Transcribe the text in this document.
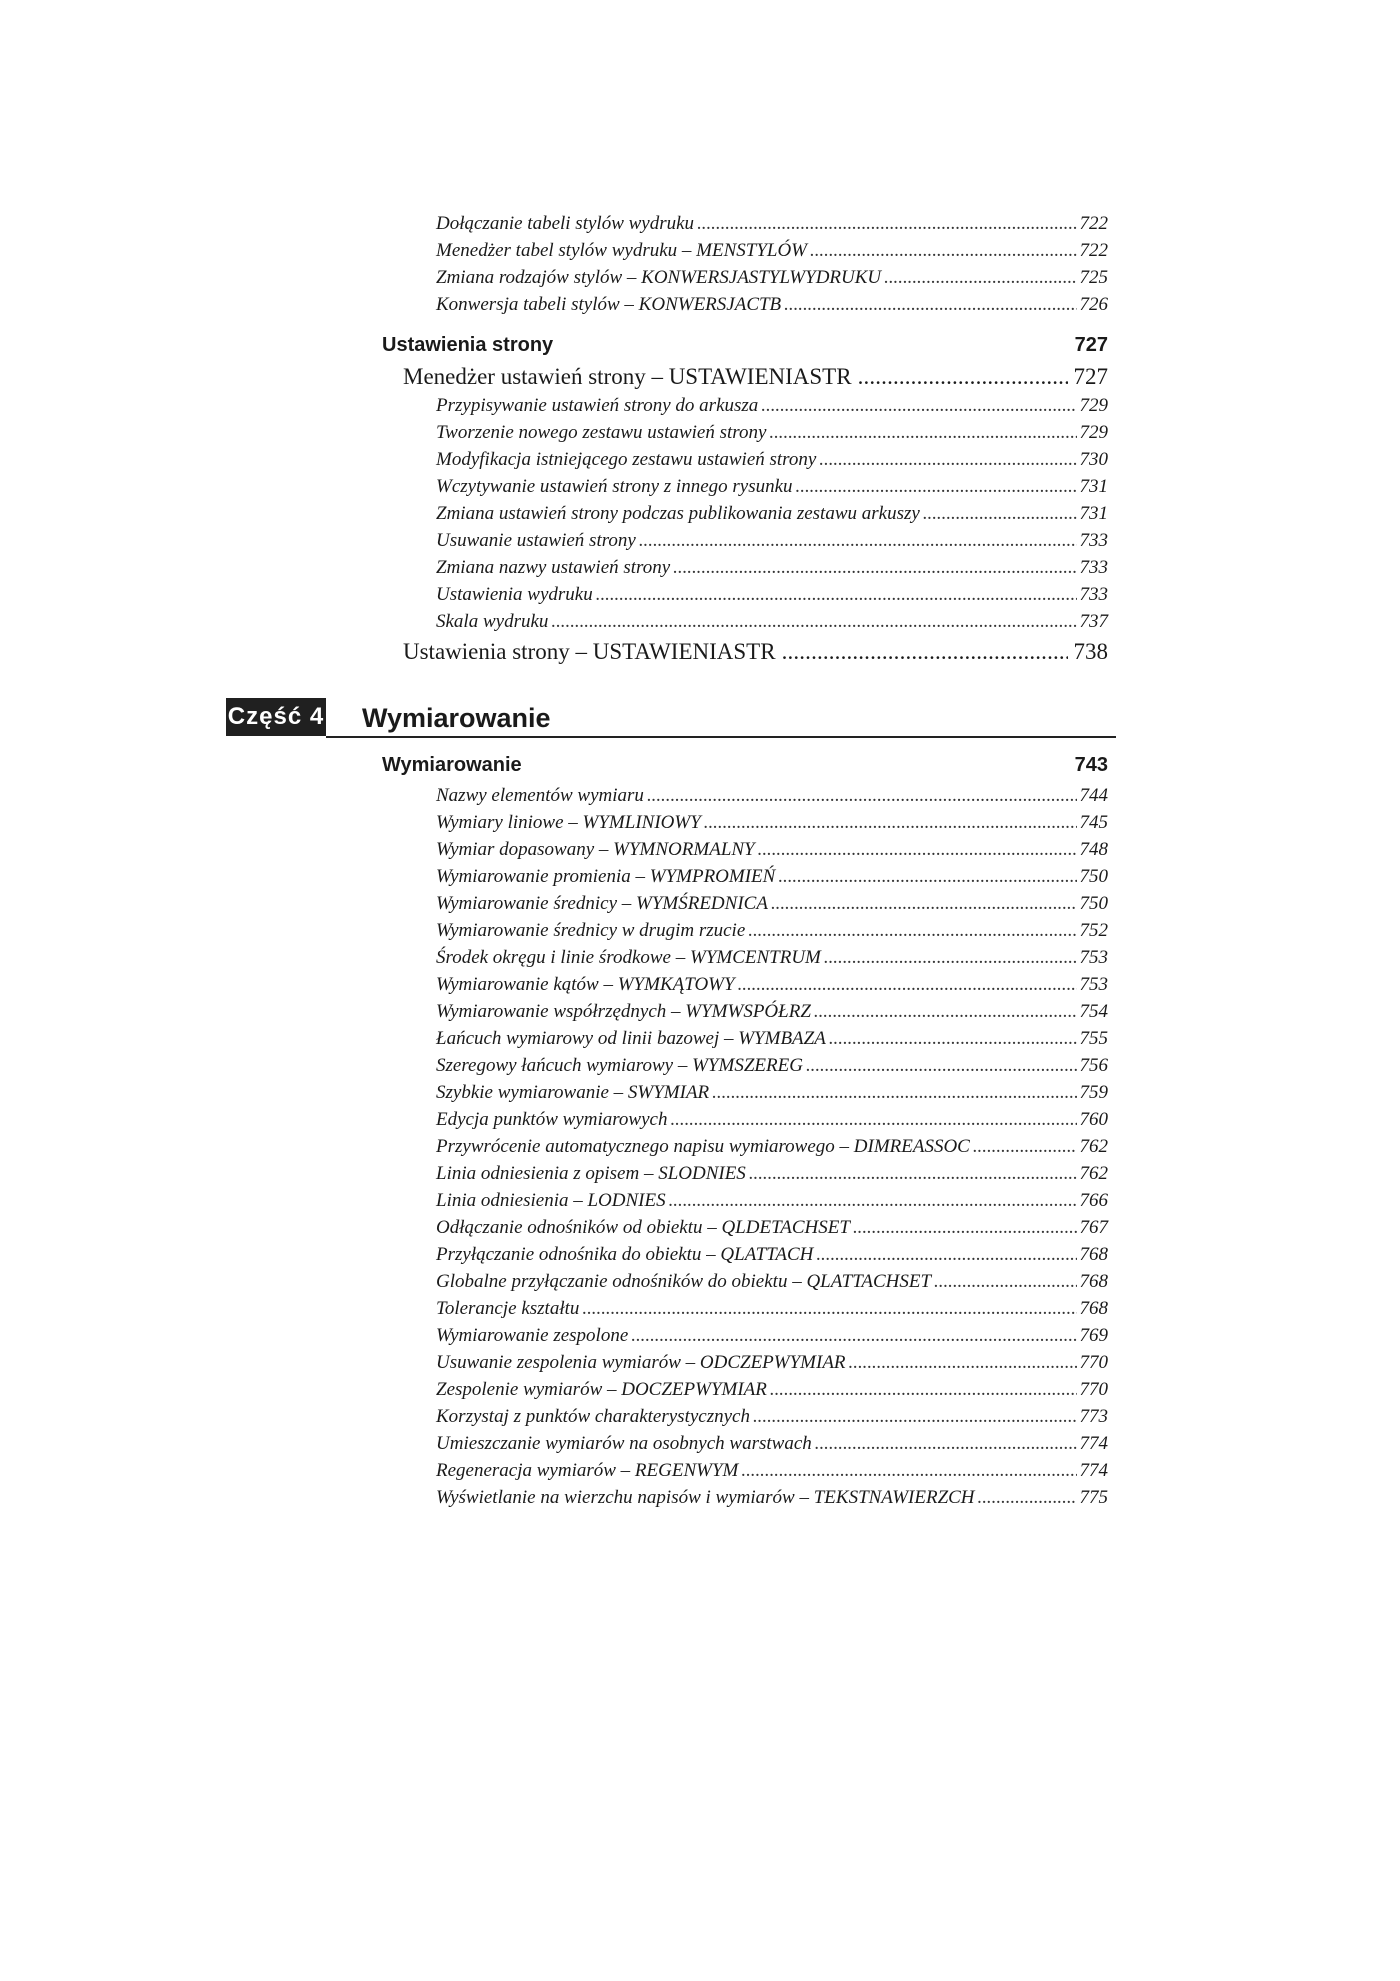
Dołączanie tabeli stylów wydruku . . .	722
Menedżer tabel stylów wydruku – MENSTYLÓW . . .	722
Zmiana rodzajów stylów – KONWERSJASTYLWYDRUKU . . .	725
Konwersja tabeli stylów – KONWERSJACTB . . .	726
Ustawienia strony	727
Menedżer ustawień strony – USTAWIENIASTR . . .	727
Przypisywanie ustawień strony do arkusza . . .	729
Tworzenie nowego zestawu ustawień strony . . .	729
Modyfikacja istniejącego zestawu ustawień strony . . .	730
Wczytywanie ustawień strony z innego rysunku . . .	731
Zmiana ustawień strony podczas publikowania zestawu arkuszy . . .	731
Usuwanie ustawień strony . . .	733
Zmiana nazwy ustawień strony . . .	733
Ustawienia wydruku . . .	733
Skala wydruku . . .	737
Ustawienia strony – USTAWIENIASTR . . .	738
Część 4 Wymiarowanie
Wymiarowanie	743
Nazwy elementów wymiaru . . .	744
Wymiary liniowe – WYMLINIOWY . . .	745
Wymiar dopasowany – WYMNORMALNY . . .	748
Wymiarowanie promienia – WYMPROMIEŃ . . .	750
Wymiarowanie średnicy – WYMŚREDNICA . . .	750
Wymiarowanie średnicy w drugim rzucie . . .	752
Środek okręgu i linie środkowe – WYMCENTRUM . . .	753
Wymiarowanie kątów – WYMKĄTOWY . . .	753
Wymiarowanie współrzędnych – WYMWSPÓŁRZ . . .	754
Łańcuch wymiarowy od linii bazowej – WYMBAZA . . .	755
Szeregowy łańcuch wymiarowy – WYMSZEREG . . .	756
Szybkie wymiarowanie – SWYMIAR . . .	759
Edycja punktów wymiarowych . . .	760
Przywrócenie automatycznego napisu wymiarowego – DIMREASSOC . . .	762
Linia odniesienia z opisem – SLODNIES . . .	762
Linia odniesienia – LODNIES . . .	766
Odłączanie odnośników od obiektu – QLDETACHSET . . .	767
Przyłączanie odnośnika do obiektu – QLATTACH . . .	768
Globalne przyłączanie odnośników do obiektu – QLATTACHSET . . .	768
Tolerancje kształtu . . .	768
Wymiarowanie zespolone . . .	769
Usuwanie zespolenia wymiarów – ODCZEPWYMIAR . . .	770
Zespolenie wymiarów – DOCZEPWYMIAR . . .	770
Korzystaj z punktów charakterystycznych . . .	773
Umieszczanie wymiarów na osobnych warstwach . . .	774
Regeneracja wymiarów – REGENWYM . . .	774
Wyświetlanie na wierzchu napisów i wymiarów – TEKSTNAWIERZCH . . .	775
